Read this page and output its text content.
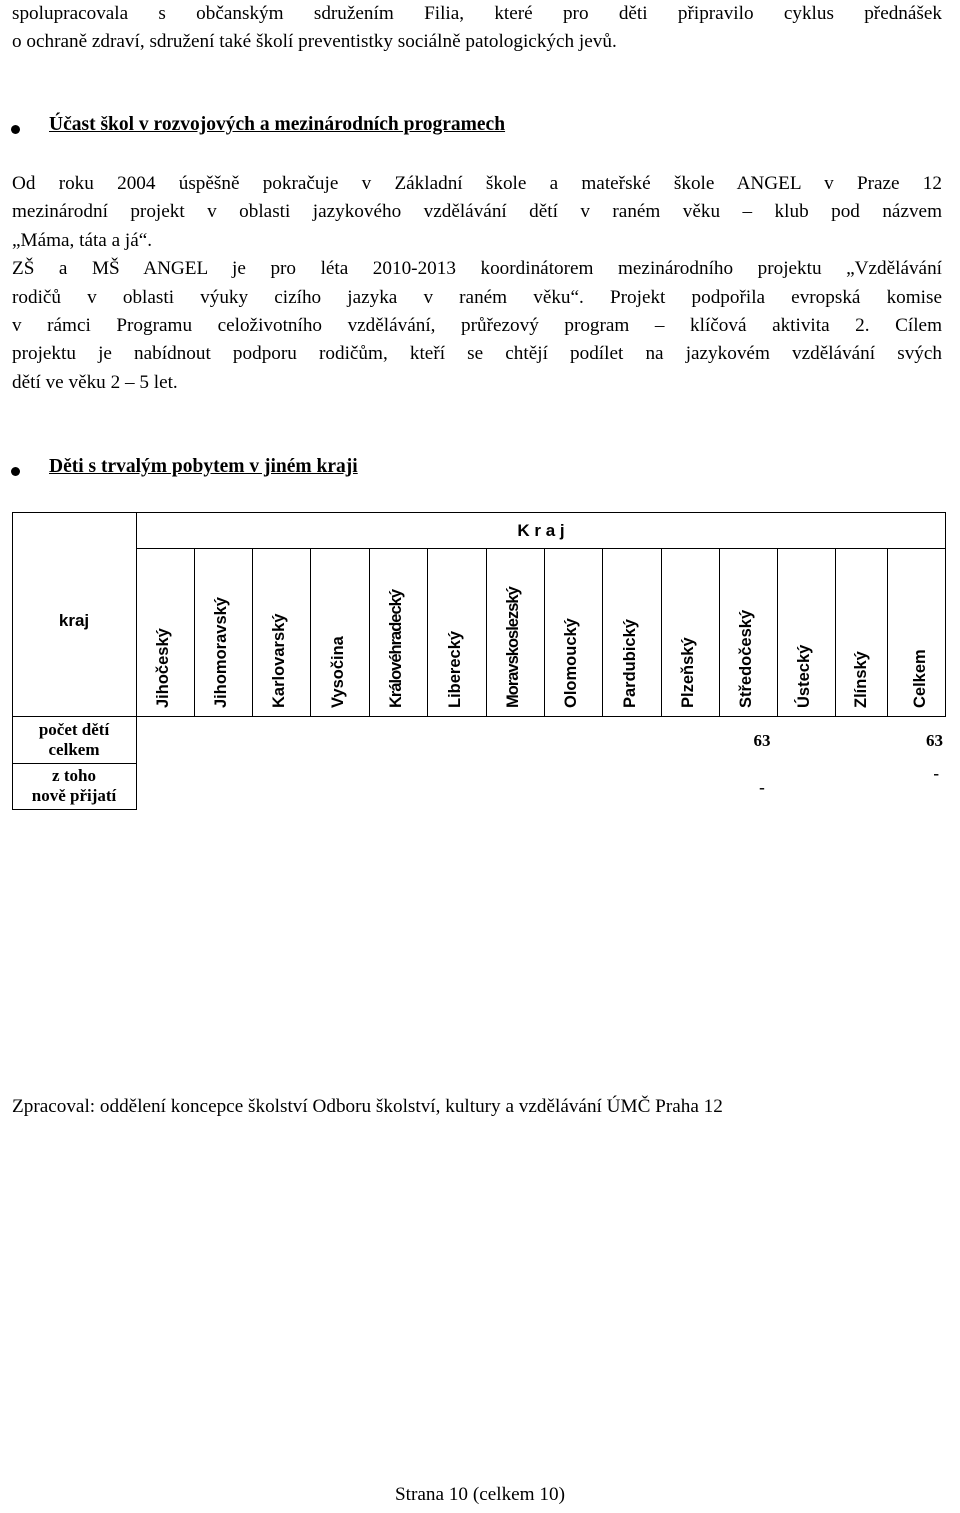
spolupracovala s občanským sdružením Filia, které pro děti připravilo cyklus přednášek
o ochraně zdraví, sdružení také školí preventistky sociálně patologických jevů.
Účast škol v rozvojových a mezinárodních programech
Od roku 2004 úspěšně pokračuje v Základní škole a mateřské škole ANGEL v Praze 12
mezinárodní projekt v oblasti jazykového vzdělávání dětí v raném věku – klub pod názvem
„Máma, táta a já“.
ZŠ a MŠ ANGEL je pro léta 2010-2013 koordinátorem mezinárodního projektu „Vzdělávání
rodičů v oblasti výuky cizího jazyka v raném věku“. Projekt podpořila evropská komise
v rámci Programu celoživotního vzdělávání, průřezový program – klíčová aktivita 2. Cílem
projektu je nabídnout podporu rodičům, kteří se chtějí podílet na jazykovém vzdělávání svých
dětí ve věku 2 – 5 let.
Děti s trvalým pobytem v jiném kraji
K r a j
kraj
Jihočeský Jihomoravský Karlovarský Vysočina Královéhradecký Liberecký Moravskoslezský Olomoucký Pardubický Plzeňský Středočeský Ústecký Zlínský Celkem
počet dětí
celkem
z toho
nově přijatí
63	63
-
-
Zpracoval: oddělení koncepce školství Odboru školství, kultury a vzdělávání ÚMČ Praha 12
Strana 10 (celkem 10)
